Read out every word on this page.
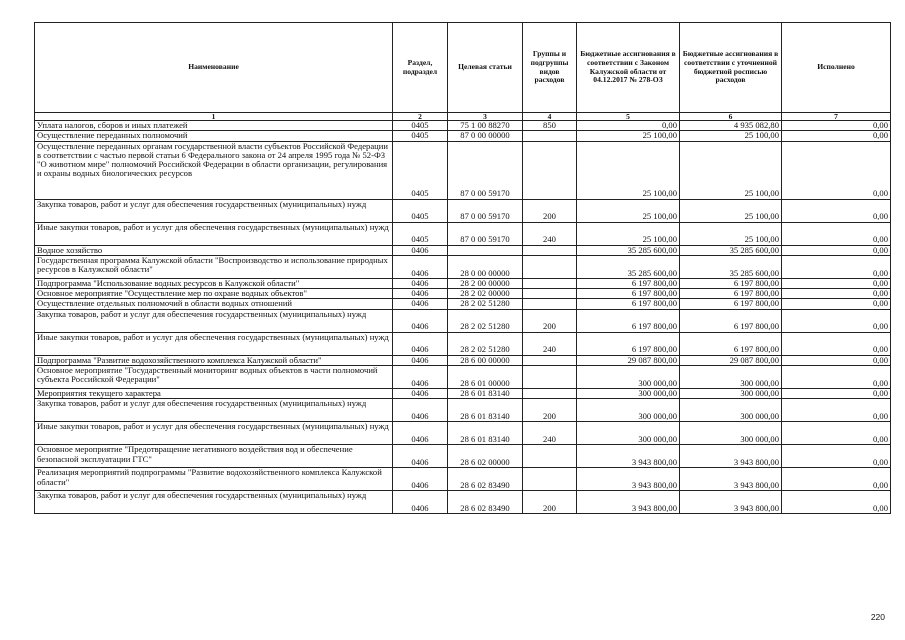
Наименование	Раздел, подраздел	Целевая статьи	Группы и подгруппы видов расходов	Бюджетные ассигнования в соответствии с Законом Калужской области от 04.12.2017 № 278-ОЗ	Бюджетные ассигнования в соответствии с уточненной бюджетной росписью расходов	Исполнено
1	2	3	4	5	6	7
Уплата налогов, сборов и иных платежей	0405	75 1 00 88270	850	0,00	4 935 082,80	0,00
Осуществление переданных полномочий	0405	87 0 00 00000		25 100,00	25 100,00	0,00
Осуществление переданных органам государственной власти субъектов Российской Федерации в соответствии с частью первой статьи 6 Федерального закона от 24 апреля 1995 года № 52-ФЗ "О животном мире" полномочий Российской Федерации в области организации, регулирования и охраны водных биологических ресурсов	0405	87 0 00 59170		25 100,00	25 100,00	0,00
Закупка товаров, работ и услуг для обеспечения государственных (муниципальных) нужд	0405	87 0 00 59170	200	25 100,00	25 100,00	0,00
Иные закупки товаров, работ и услуг для обеспечения государственных (муниципальных) нужд	0405	87 0 00 59170	240	25 100,00	25 100,00	0,00
Водное хозяйство	0406			35 285 600,00	35 285 600,00	0,00
Государственная программа Калужской области "Воспроизводство и использование природных ресурсов в Калужской области"	0406	28 0 00 00000		35 285 600,00	35 285 600,00	0,00
Подпрограмма "Использование водных ресурсов в Калужской области"	0406	28 2 00 00000		6 197 800,00	6 197 800,00	0,00
Основное мероприятие "Осуществление мер по охране водных объектов"	0406	28 2 02 00000		6 197 800,00	6 197 800,00	0,00
Осуществление отдельных полномочий в области водных отношений	0406	28 2 02 51280		6 197 800,00	6 197 800,00	0,00
Закупка товаров, работ и услуг для обеспечения государственных (муниципальных) нужд	0406	28 2 02 51280	200	6 197 800,00	6 197 800,00	0,00
Иные закупки товаров, работ и услуг для обеспечения государственных (муниципальных) нужд	0406	28 2 02 51280	240	6 197 800,00	6 197 800,00	0,00
Подпрограмма "Развитие водохозяйственного комплекса Калужской области"	0406	28 6 00 00000		29 087 800,00	29 087 800,00	0,00
Основное мероприятие "Государственный мониторинг водных объектов в части полномочий субъекта Российской Федерации"	0406	28 6 01 00000		300 000,00	300 000,00	0,00
Мероприятия текущего характера	0406	28 6 01 83140		300 000,00	300 000,00	0,00
Закупка товаров, работ и услуг для обеспечения государственных (муниципальных) нужд	0406	28 6 01 83140	200	300 000,00	300 000,00	0,00
Иные закупки товаров, работ и услуг для обеспечения государственных (муниципальных) нужд	0406	28 6 01 83140	240	300 000,00	300 000,00	0,00
Основное мероприятие "Предотвращение негативного воздействия вод и обеспечение безопасной эксплуатации ГТС"	0406	28 6 02 00000		3 943 800,00	3 943 800,00	0,00
Реализация мероприятий подпрограммы "Развитие водохозяйственного комплекса Калужской области"	0406	28 6 02 83490		3 943 800,00	3 943 800,00	0,00
Закупка товаров, работ и услуг для обеспечения государственных (муниципальных) нужд	0406	28 6 02 83490	200	3 943 800,00	3 943 800,00	0,00
220
